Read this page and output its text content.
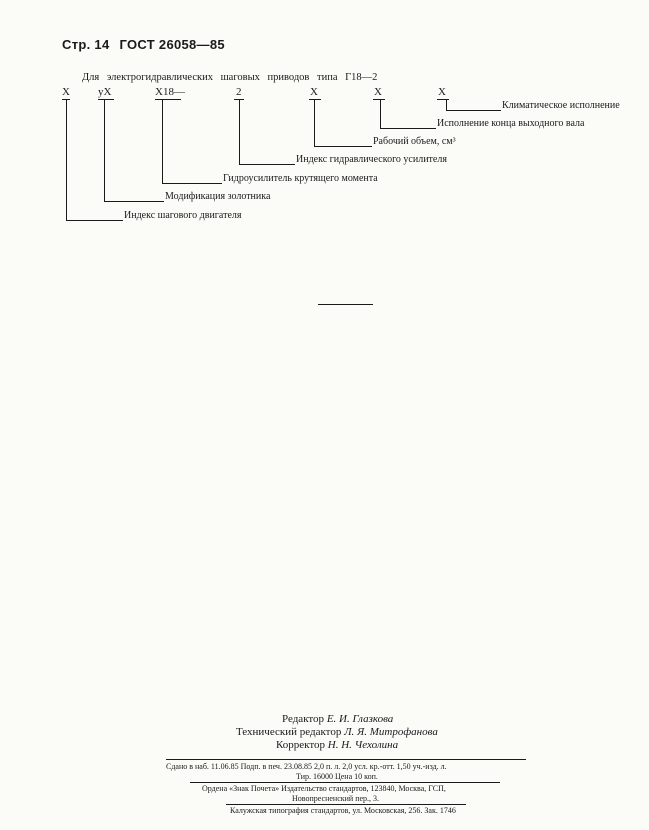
Стр. 14 ГОСТ 26058—85
Для электрогидравлических шаговых приводов типа Г18—2
X	yX	X18—	2	X	X	X
Климатическое исполнение
Исполнение конца выходного вала
Рабочий объем, см³
Индекс гидравлического усилителя
Гидроусилитель крутящего момента
Модификация золотника
Индекс шагового двигателя
Редактор Е. И. Глазкова
Технический редактор Л. Я. Митрофанова
Корректор Н. Н. Чехолина
Сдано в наб. 11.06.85 Подп. в печ. 23.08.85 2,0 п. л. 2,0 усл. кр.-отт. 1,50 уч.-изд. л.
Тир. 16000 Цена 10 коп.
Ордена «Знак Почета» Издательство стандартов, 123840, Москва, ГСП,
Новопресненский пер., 3.
Калужская типография стандартов, ул. Московская, 256. Зак. 1746
